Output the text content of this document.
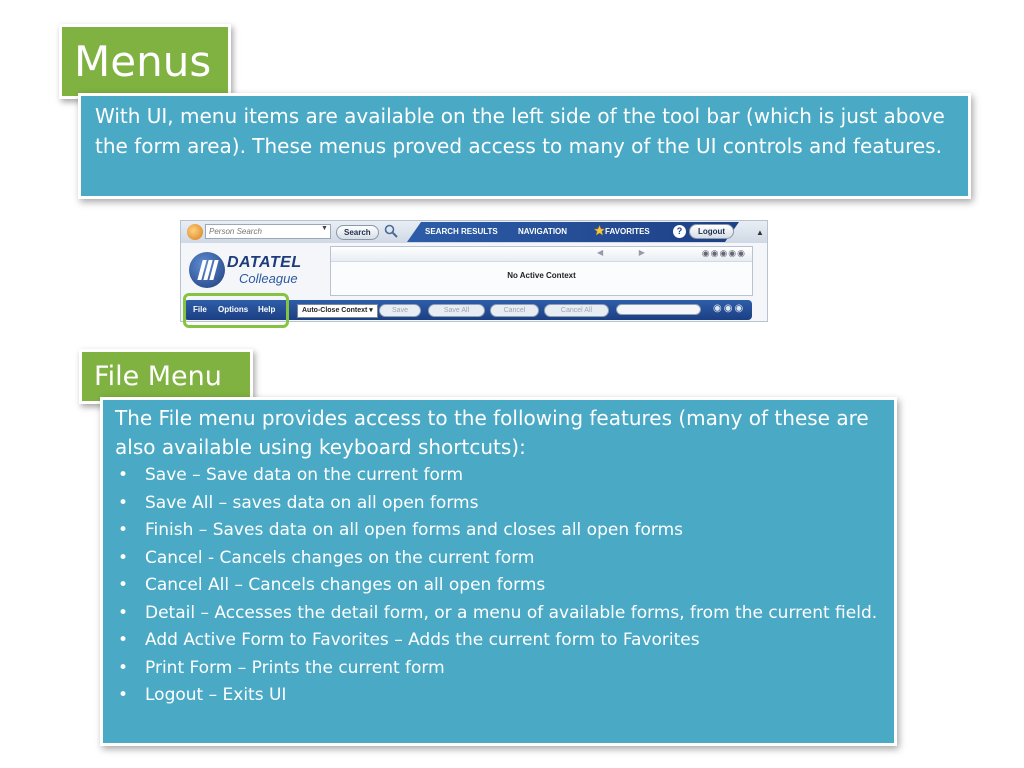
Menus
With UI, menu items are available on the left side of the tool bar (which is just above the form area). These menus proved access to many of the UI controls and features.
Person Search	▼	Search	SEARCH RESULTS	NAVIGATION	FAVORITES	?	Logout	▲
DATATEL
Colleague
◀                ▶	◉◉◉◉◉
No Active Context
File Options Help	Auto-Close Context ▾	Save	Save All	Cancel	Cancel All	◉◉◉
File Menu
The File menu provides access to the following features (many of these are also available using keyboard shortcuts):
• Save – Save data on the current form
• Save All – saves data on all open forms
• Finish – Saves data on all open forms and closes all open forms
• Cancel - Cancels changes on the current form
• Cancel All – Cancels changes on all open forms
• Detail – Accesses the detail form, or a menu of available forms, from the current field.
• Add Active Form to Favorites – Adds the current form to Favorites
• Print Form – Prints the current form
• Logout – Exits UI
